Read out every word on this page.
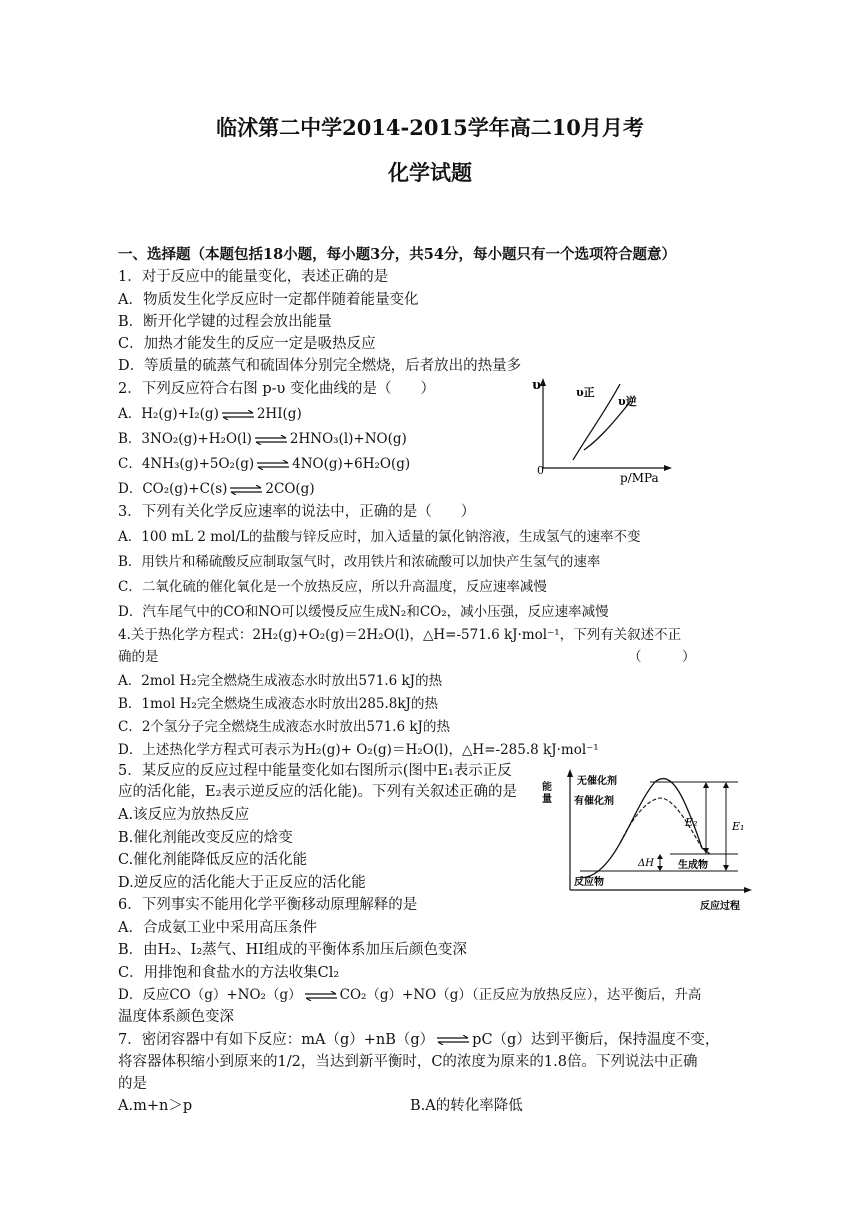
临沭第二中学2014-2015学年高二10月月考
化学试题
一、选择题（本题包括18小题，每小题3分，共54分，每小题只有一个选项符合题意）
1．对于反应中的能量变化，表述正确的是
A．物质发生化学反应时一定都伴随着能量变化
B．断开化学键的过程会放出能量
C．加热才能发生的反应一定是吸热反应
D．等质量的硫蒸气和硫固体分别完全燃烧，后者放出的热量多
2．下列反应符合右图 p-υ 变化曲线的是（　　）
A．H₂(g)+I₂(g) ⇌ 2HI(g)
B．3NO₂(g)+H₂O(l) ⇌ 2HNO₃(l)+NO(g)
C．4NH₃(g)+5O₂(g) ⇌ 4NO(g)+6H₂O(g)
D．CO₂(g)+C(s) ⇌ 2CO(g)
υ
0
p/MPa
υ正
υ逆
3．下列有关化学反应速率的说法中，正确的是（　　）
A．100 mL 2 mol/L的盐酸与锌反应时，加入适量的氯化钠溶液，生成氢气的速率不变
B．用铁片和稀硫酸反应制取氢气时，改用铁片和浓硫酸可以加快产生氢气的速率
C．二氧化硫的催化氧化是一个放热反应，所以升高温度，反应速率减慢
D．汽车尾气中的CO和NO可以缓慢反应生成N₂和CO₂，减小压强，反应速率减慢
4.关于热化学方程式：2H₂(g)+O₂(g)＝2H₂O(l)，△H=-571.6 kJ·mol⁻¹，下列有关叙述不正
确的是	（　　　）
A．2mol H₂完全燃烧生成液态水时放出571.6 kJ的热
B．1mol H₂完全燃烧生成液态水时放出285.8kJ的热
C．2个氢分子完全燃烧生成液态水时放出571.6 kJ的热
D．上述热化学方程式可表示为H₂(g)+ O₂(g)＝H₂O(l)，△H=-285.8 kJ·mol⁻¹
5．某反应的反应过程中能量变化如右图所示(图中E₁表示正反
应的活化能，E₂表示逆反应的活化能)。下列有关叙述正确的是
A.该反应为放热反应
B.催化剂能改变反应的焓变
C.催化剂能降低反应的活化能
D.逆反应的活化能大于正反应的活化能
无催化剂
有催化剂
E₂	E₁
ΔH 生成物
反应物
反应过程
能量
6．下列事实不能用化学平衡移动原理解释的是
A．合成氨工业中采用高压条件
B．由H₂、I₂蒸气、HI组成的平衡体系加压后颜色变深
C．用排饱和食盐水的方法收集Cl₂
D．反应CO（g）+NO₂（g） ⇌ CO₂（g）+NO（g）（正反应为放热反应），达平衡后，升高
温度体系颜色变深
7．密闭容器中有如下反应：mA（g）+nB（g） ⇌ pC（g）达到平衡后，保持温度不变，
将容器体积缩小到原来的1/2，当达到新平衡时，C的浓度为原来的1.8倍。下列说法中正确
的是
A.m+n＞p	B.A的转化率降低
